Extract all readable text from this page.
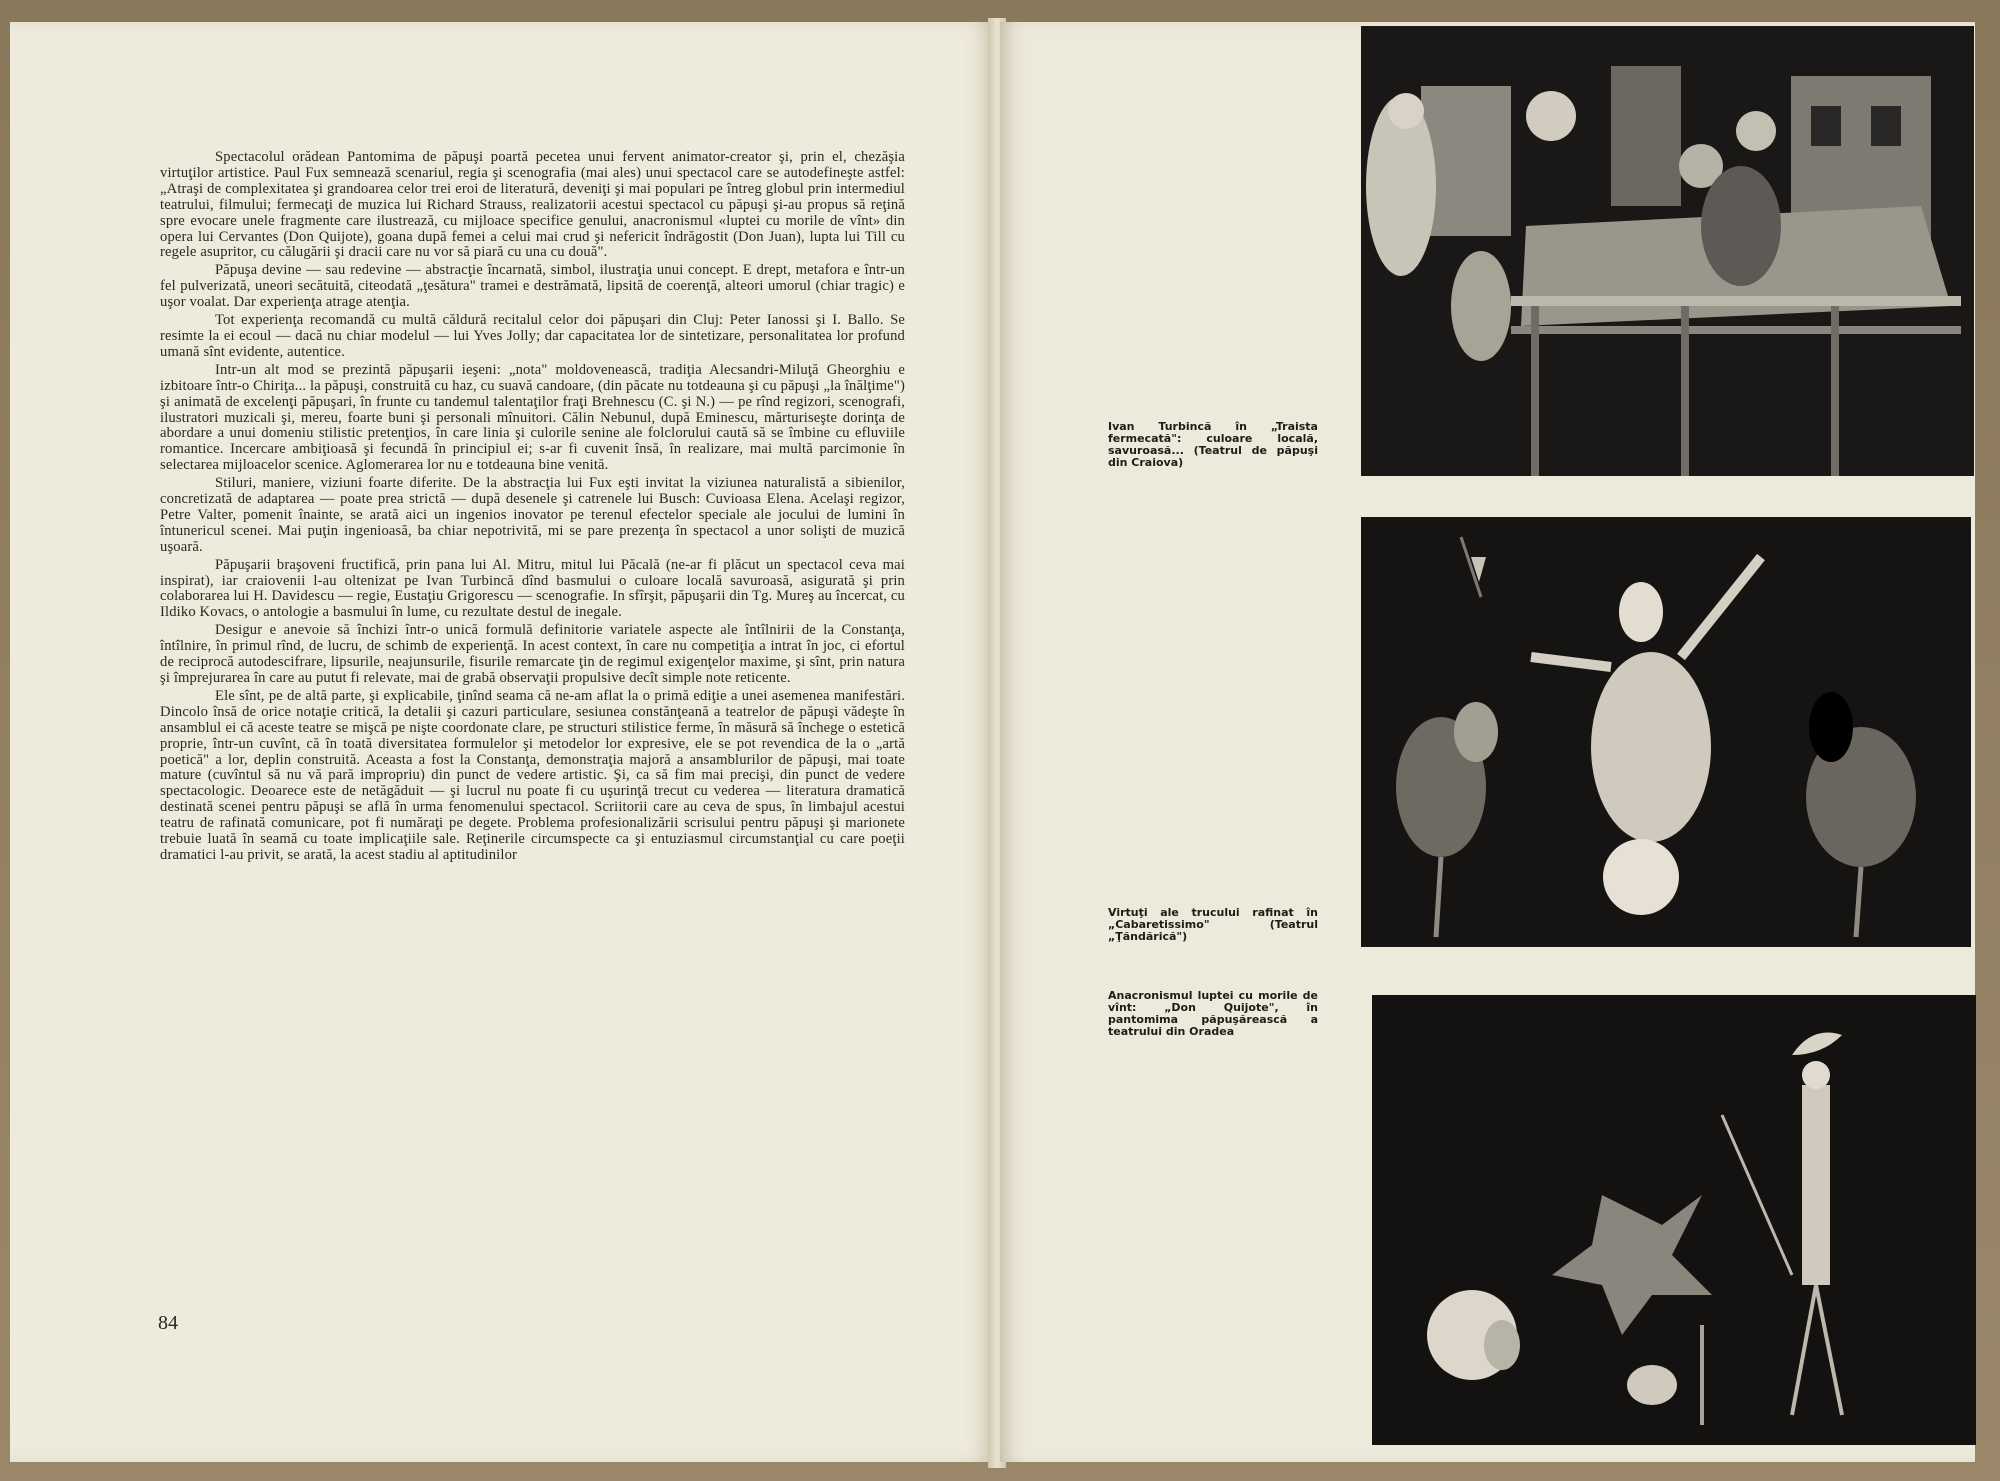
Spectacolul orădean Pantomima de păpuşi poartă pecetea unui fervent animator-creator şi, prin el, chezăşia virtuţilor artistice. Paul Fux semnează scenariul, regia şi scenografia (mai ales) unui spectacol care se autodefineşte astfel: „Atraşi de complexitatea şi grandoarea celor trei eroi de literatură, deveniţi şi mai populari pe întreg globul prin intermediul teatrului, filmului; fermecaţi de muzica lui Richard Strauss, realizatorii acestui spectacol cu păpuşi şi-au propus să reţină spre evocare unele fragmente care ilustrează, cu mijloace specifice genului, anacronismul «luptei cu morile de vînt» din opera lui Cervantes (Don Quijote), goana după femei a celui mai crud şi nefericit îndrăgostit (Don Juan), lupta lui Till cu regele asupritor, cu călugării şi dracii care nu vor să piară cu una cu două".

Păpuşa devine — sau redevine — abstracţie încarnată, simbol, ilustraţia unui concept. E drept, metafora e într-un fel pulverizată, uneori secătuită, citeodată „ţesătura" tramei e destrămată, lipsită de coerenţă, alteori umorul (chiar tragic) e uşor voalat. Dar experienţa atrage atenţia.

Tot experienţa recomandă cu multă căldură recitalul celor doi păpuşari din Cluj: Peter Ianossi şi I. Ballo. Se resimte la ei ecoul — dacă nu chiar modelul — lui Yves Jolly; dar capacitatea lor de sintetizare, personalitatea lor profund umană sînt evidente, autentice.

Intr-un alt mod se prezintă păpuşarii ieşeni: „nota" moldovenească, tradiţia Alecsandri-Miluţă Gheorghiu e izbitoare într-o Chiriţa... la păpuşi, construită cu haz, cu suavă candoare, (din păcate nu totdeauna şi cu păpuşi „la înălţime") şi animată de excelenţi păpuşari, în frunte cu tandemul talentaţilor fraţi Brehnescu (C. şi N.) — pe rînd regizori, scenografi, ilustratori muzicali şi, mereu, foarte buni şi personali mînuitori. Călin Nebunul, după Eminescu, mărturiseşte dorinţa de abordare a unui domeniu stilistic pretenţios, în care linia şi culorile senine ale folclorului caută să se îmbine cu efluviile romantice. Incercare ambiţioasă şi fecundă în principiul ei; s-ar fi cuvenit însă, în realizare, mai multă parcimonie în selectarea mijloacelor scenice. Aglomerarea lor nu e totdeauna bine venită.

Stiluri, maniere, viziuni foarte diferite. De la abstracţia lui Fux eşti invitat la viziunea naturalistă a sibienilor, concretizată de adaptarea — poate prea strictă — după desenele şi catrenele lui Busch: Cuvioasa Elena. Acelaşi regizor, Petre Valter, pomenit înainte, se arată aici un ingenios inovator pe terenul efectelor speciale ale jocului de lumini în întunericul scenei. Mai puţin ingenioasă, ba chiar nepotrivită, mi se pare prezenţa în spectacol a unor solişti de muzică uşoară.

Păpuşarii braşoveni fructifică, prin pana lui Al. Mitru, mitul lui Păcală (ne-ar fi plăcut un spectacol ceva mai inspirat), iar craiovenii l-au oltenizat pe Ivan Turbincă dînd basmului o culoare locală savuroasă, asigurată şi prin colaborarea lui H. Davidescu — regie, Eustaţiu Grigorescu — scenografie. In sfîrşit, păpuşarii din Tg. Mureş au încercat, cu Ildiko Kovacs, o antologie a basmului în lume, cu rezultate destul de inegale.

Desigur e anevoie să închizi într-o unică formulă definitorie variatele aspecte ale întîlnirii de la Constanţa, întîlnire, în primul rînd, de lucru, de schimb de experienţă. In acest context, în care nu competiţia a intrat în joc, ci efortul de reciprocă autodescifrare, lipsurile, neajunsurile, fisurile remarcate ţin de regimul exigenţelor maxime, şi sînt, prin natura şi împrejurarea în care au putut fi relevate, mai de grabă observaţii propulsive decît simple note reticente.

Ele sînt, pe de altă parte, şi explicabile, ţinînd seama că ne-am aflat la o primă ediţie a unei asemenea manifestări. Dincolo însă de orice notaţie critică, la detalii şi cazuri particulare, sesiunea constănţeană a teatrelor de păpuşi vădeşte în ansamblul ei că aceste teatre se mişcă pe nişte coordonate clare, pe structuri stilistice ferme, în măsură să închege o estetică proprie, într-un cuvînt, că în toată diversitatea formulelor şi metodelor lor expresive, ele se pot revendica de la o „artă poetică" a lor, deplin construită. Aceasta a fost la Constanţa, demonstraţia majoră a ansamblurilor de păpuşi, mai toate mature (cuvîntul să nu vă pară impropriu) din punct de vedere artistic. Şi, ca să fim mai precişi, din punct de vedere spectacologic. Deoarece este de netăgăduit — şi lucrul nu poate fi cu uşurinţă trecut cu vederea — literatura dramatică destinată scenei pentru păpuşi se află în urma fenomenului spectacol. Scriitorii care au ceva de spus, în limbajul acestui teatru de rafinată comunicare, pot fi număraţi pe degete. Problema profesionalizării scrisului pentru păpuşi şi marionete trebuie luată în seamă cu toate implicaţiile sale. Reţinerile circumspecte ca şi entuziasmul circumstanţial cu care poeţii dramatici l-au privit, se arată, la acest stadiu al aptitudinilor

84
Ivan Turbincă în „Traista fermecată": culoare locală, savuroasă... (Teatrul de păpuşi din Craiova)
Virtuţi ale trucului rafinat în „Cabaretissimo" (Teatrul „Ţăndărică")
Anacronismul luptei cu morile de vînt: „Don Quijote", în pantomima păpuşărească a teatrului din Oradea
